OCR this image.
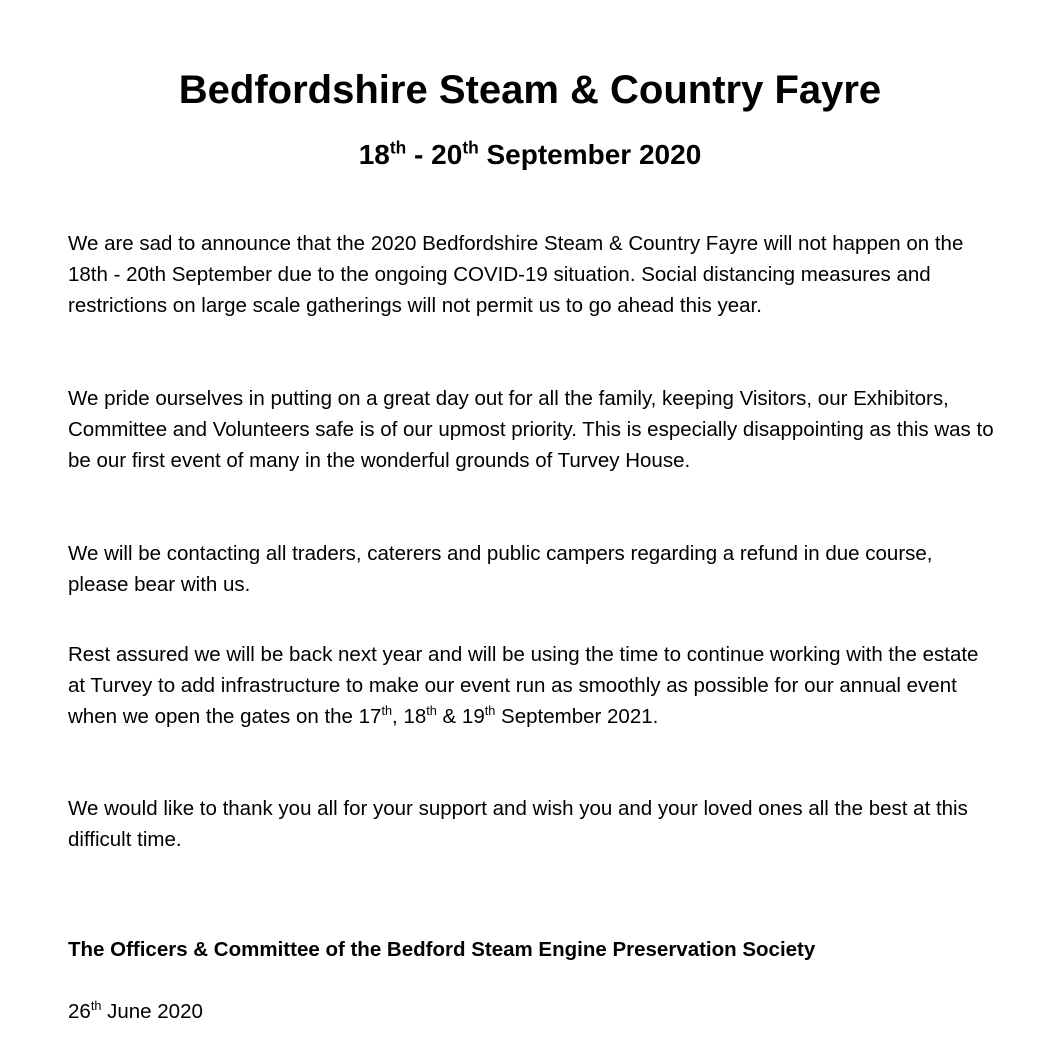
Bedfordshire Steam & Country Fayre
18th - 20th September 2020

We are sad to announce that the 2020 Bedfordshire Steam & Country Fayre will not happen on the 18th - 20th September due to the ongoing COVID-19 situation. Social distancing measures and restrictions on large scale gatherings will not permit us to go ahead this year.

We pride ourselves in putting on a great day out for all the family, keeping Visitors, our Exhibitors, Committee and Volunteers safe is of our upmost priority. This is especially disappointing as this was to be our first event of many in the wonderful grounds of Turvey House.

We will be contacting all traders, caterers and public campers regarding a refund in due course, please bear with us.

Rest assured we will be back next year and will be using the time to continue working with the estate at Turvey to add infrastructure to make our event run as smoothly as possible for our annual event when we open the gates on the 17th, 18th & 19th September 2021.

We would like to thank you all for your support and wish you and your loved ones all the best at this difficult time.

The Officers & Committee of the Bedford Steam Engine Preservation Society

26th June 2020
